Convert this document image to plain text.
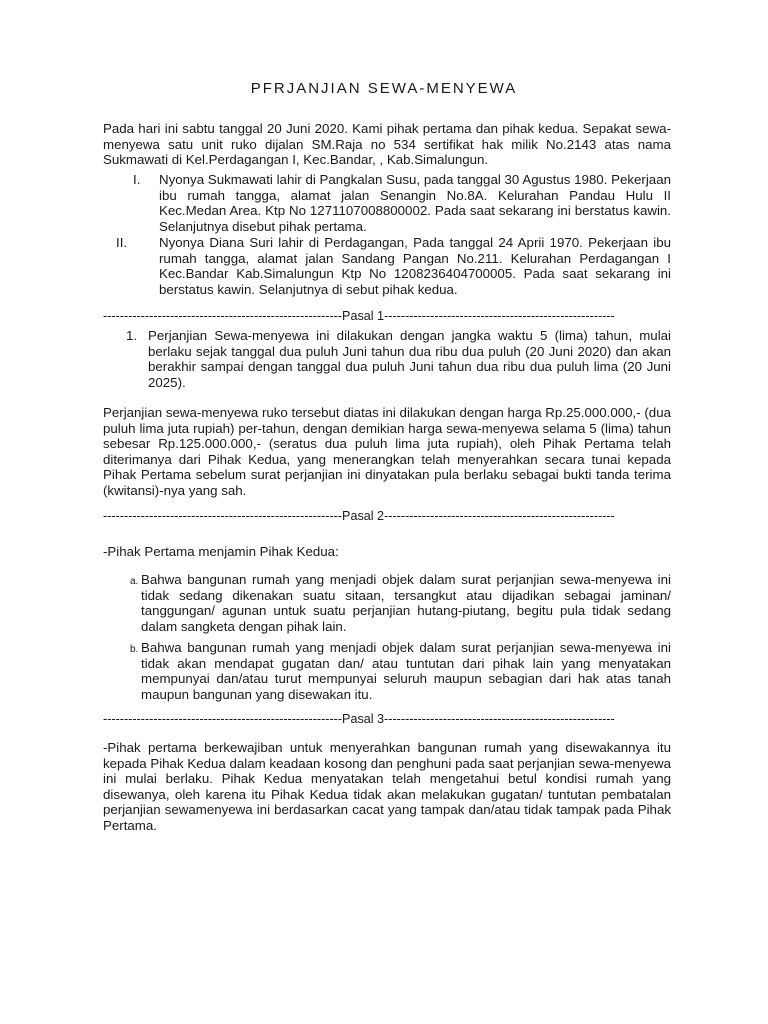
PFRJANJIAN SEWA-MENYEWA
Pada hari ini sabtu tanggal 20 Juni 2020. Kami pihak pertama dan pihak kedua. Sepakat sewa-menyewa satu unit ruko dijalan SM.Raja no 534 sertifikat hak milik No.2143 atas nama Sukmawati di Kel.Perdagangan I, Kec.Bandar, , Kab.Simalungun.
I. Nyonya Sukmawati lahir di Pangkalan Susu, pada tanggal 30 Agustus 1980. Pekerjaan ibu rumah tangga, alamat jalan Senangin No.8A. Kelurahan Pandau Hulu II Kec.Medan Area. Ktp No 1271107008800002. Pada saat sekarang ini berstatus kawin. Selanjutnya disebut pihak pertama.
II. Nyonya Diana Suri lahir di Perdagangan, Pada tanggal 24 Aprii 1970. Pekerjaan ibu rumah tangga, alamat jalan Sandang Pangan No.211. Kelurahan Perdagangan I Kec.Bandar Kab.Simalungun Ktp No 1208236404700005. Pada saat sekarang ini berstatus kawin. Selanjutnya di sebut pihak kedua.
---------------------------------------------------------Pasal 1-------------------------------------------------------
1. Perjanjian Sewa-menyewa ini dilakukan dengan jangka waktu 5 (lima) tahun, mulai berlaku sejak tanggal dua puluh Juni tahun dua ribu dua puluh (20 Juni 2020) dan akan berakhir sampai dengan tanggal dua puluh Juni tahun dua ribu dua puluh lima (20 Juni 2025).
Perjanjian sewa-menyewa ruko tersebut diatas ini dilakukan dengan harga Rp.25.000.000,- (dua puluh lima juta rupiah) per-tahun, dengan demikian harga sewa-menyewa selama 5 (lima) tahun sebesar Rp.125.000.000,- (seratus dua puluh lima juta rupiah), oleh Pihak Pertama telah diterimanya dari Pihak Kedua, yang menerangkan telah menyerahkan secara tunai kepada Pihak Pertama sebelum surat perjanjian ini dinyatakan pula berlaku sebagai bukti tanda terima (kwitansi)-nya yang sah.
---------------------------------------------------------Pasal 2-------------------------------------------------------
-Pihak Pertama menjamin Pihak Kedua:
a. Bahwa bangunan rumah yang menjadi objek dalam surat perjanjian sewa-menyewa ini tidak sedang dikenakan suatu sitaan, tersangkut atau dijadikan sebagai jaminan/ tanggungan/ agunan untuk suatu perjanjian hutang-piutang, begitu pula tidak sedang dalam sangketa dengan pihak lain.
b. Bahwa bangunan rumah yang menjadi objek dalam surat perjanjian sewa-menyewa ini tidak akan mendapat gugatan dan/ atau tuntutan dari pihak lain yang menyatakan mempunyai dan/atau turut mempunyai seluruh maupun sebagian dari hak atas tanah maupun bangunan yang disewakan itu.
---------------------------------------------------------Pasal 3-------------------------------------------------------
-Pihak pertama berkewajiban untuk menyerahkan bangunan rumah yang disewakannya itu kepada Pihak Kedua dalam keadaan kosong dan penghuni pada saat perjanjian sewa-menyewa ini mulai berlaku. Pihak Kedua menyatakan telah mengetahui betul kondisi rumah yang disewanya, oleh karena itu Pihak Kedua tidak akan melakukan gugatan/ tuntutan pembatalan perjanjian sewamenyewa ini berdasarkan cacat yang tampak dan/atau tidak tampak pada Pihak Pertama.
